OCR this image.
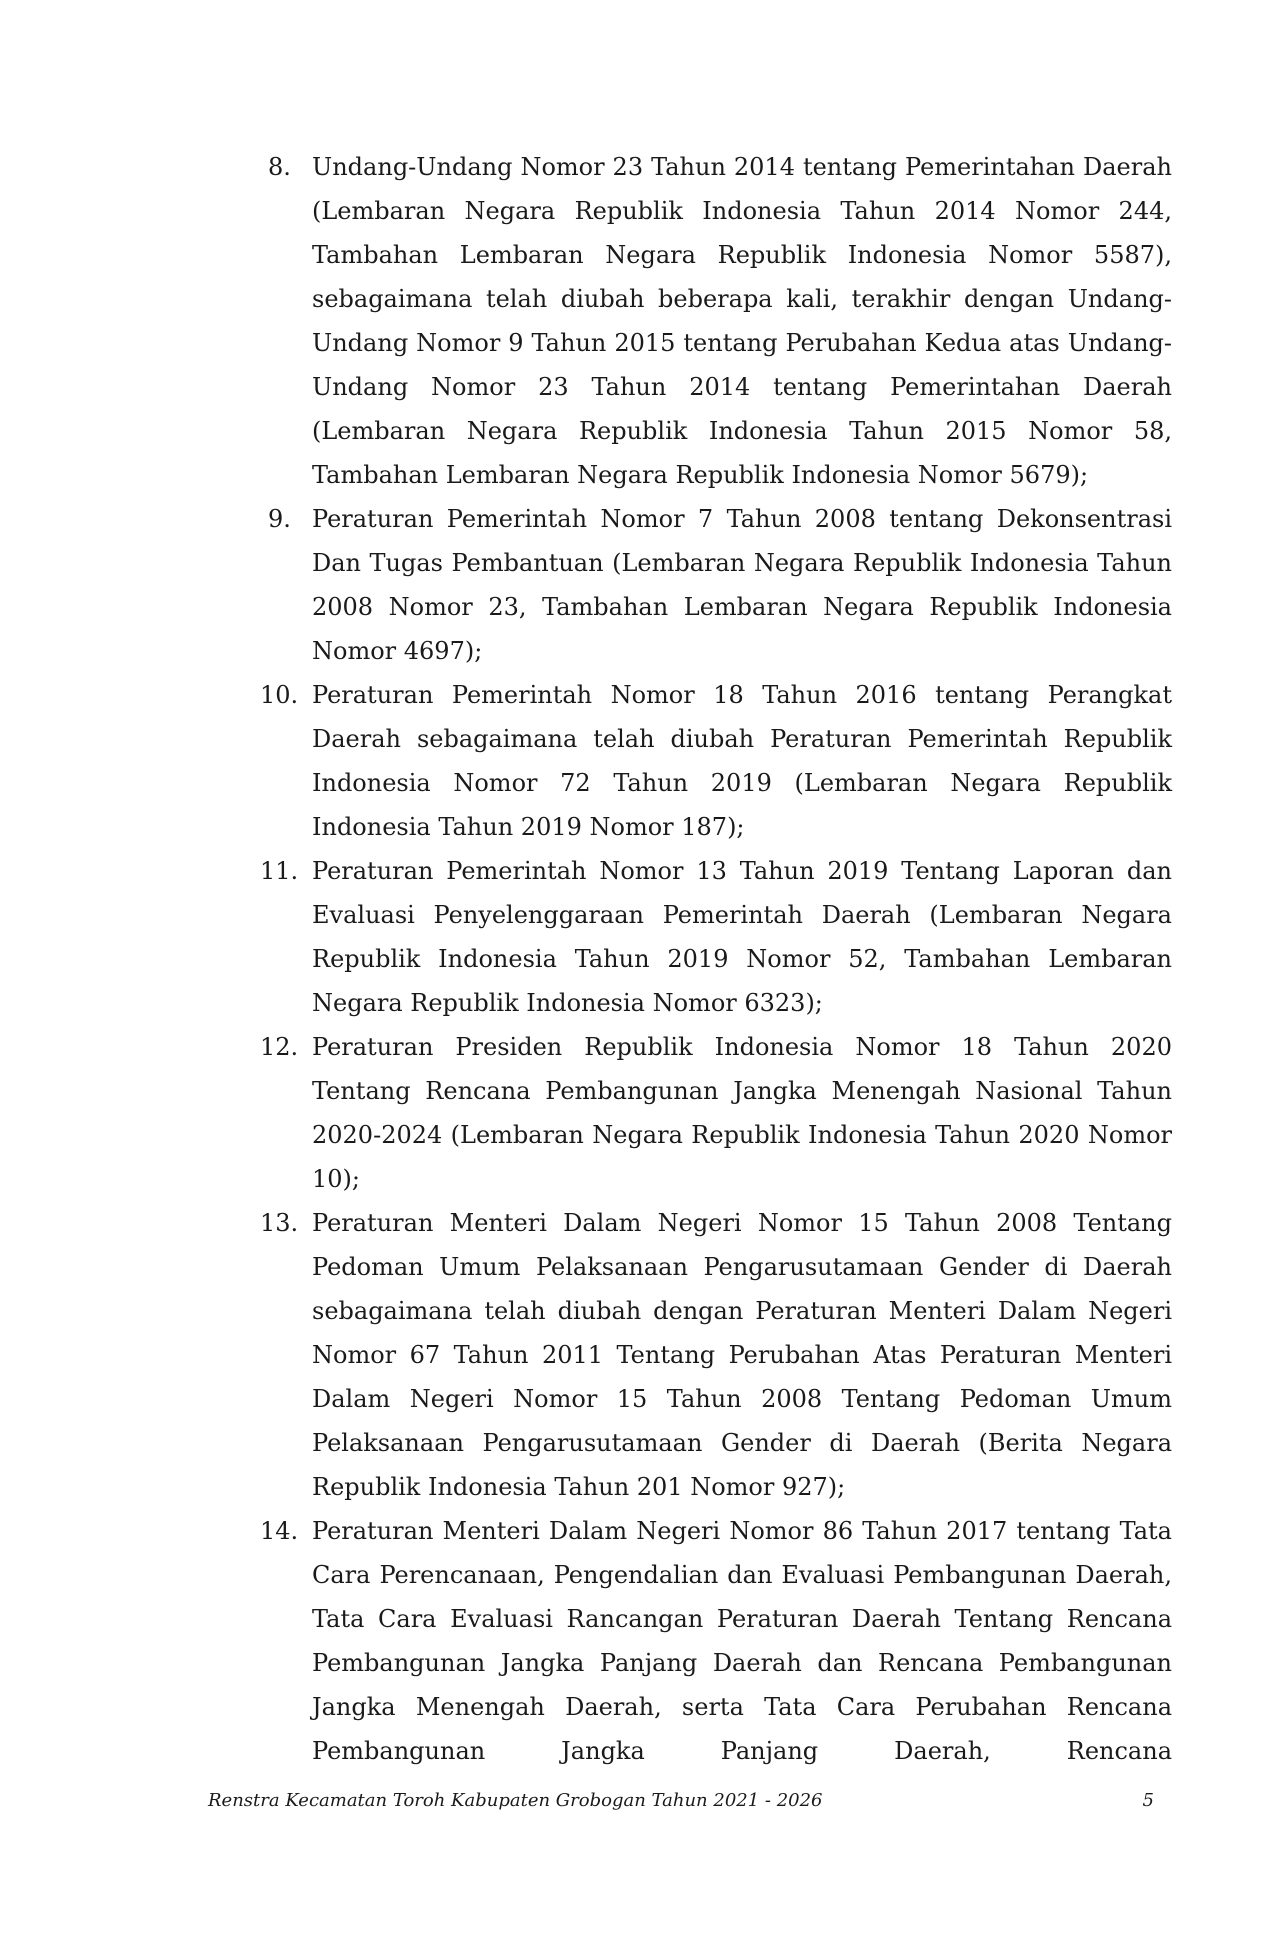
8. Undang-Undang Nomor 23 Tahun 2014 tentang Pemerintahan Daerah (Lembaran Negara Republik Indonesia Tahun 2014 Nomor 244, Tambahan Lembaran Negara Republik Indonesia Nomor 5587), sebagaimana telah diubah beberapa kali, terakhir dengan Undang-Undang Nomor 9 Tahun 2015 tentang Perubahan Kedua atas Undang-Undang Nomor 23 Tahun 2014 tentang Pemerintahan Daerah (Lembaran Negara Republik Indonesia Tahun 2015 Nomor 58, Tambahan Lembaran Negara Republik Indonesia Nomor 5679);
9. Peraturan Pemerintah Nomor 7 Tahun 2008 tentang Dekonsentrasi Dan Tugas Pembantuan (Lembaran Negara Republik Indonesia Tahun 2008 Nomor 23, Tambahan Lembaran Negara Republik Indonesia Nomor 4697);
10. Peraturan Pemerintah Nomor 18 Tahun 2016 tentang Perangkat Daerah sebagaimana telah diubah Peraturan Pemerintah Republik Indonesia Nomor 72 Tahun 2019 (Lembaran Negara Republik Indonesia Tahun 2019 Nomor 187);
11. Peraturan Pemerintah Nomor 13 Tahun 2019 Tentang Laporan dan Evaluasi Penyelenggaraan Pemerintah Daerah (Lembaran Negara Republik Indonesia Tahun 2019 Nomor 52, Tambahan Lembaran Negara Republik Indonesia Nomor 6323);
12. Peraturan Presiden Republik Indonesia Nomor 18 Tahun 2020 Tentang Rencana Pembangunan Jangka Menengah Nasional Tahun 2020-2024 (Lembaran Negara Republik Indonesia Tahun 2020 Nomor 10);
13. Peraturan Menteri Dalam Negeri Nomor 15 Tahun 2008 Tentang Pedoman Umum Pelaksanaan Pengarusutamaan Gender di Daerah sebagaimana telah diubah dengan Peraturan Menteri Dalam Negeri Nomor 67 Tahun 2011 Tentang Perubahan Atas Peraturan Menteri Dalam Negeri Nomor 15 Tahun 2008 Tentang Pedoman Umum Pelaksanaan Pengarusutamaan Gender di Daerah (Berita Negara Republik Indonesia Tahun 201 Nomor 927);
14. Peraturan Menteri Dalam Negeri Nomor 86 Tahun 2017 tentang Tata Cara Perencanaan, Pengendalian dan Evaluasi Pembangunan Daerah, Tata Cara Evaluasi Rancangan Peraturan Daerah Tentang Rencana Pembangunan Jangka Panjang Daerah dan Rencana Pembangunan Jangka Menengah Daerah, serta Tata Cara Perubahan Rencana Pembangunan Jangka Panjang Daerah, Rencana
Renstra Kecamatan Toroh Kabupaten Grobogan Tahun 2021 - 2026	5
